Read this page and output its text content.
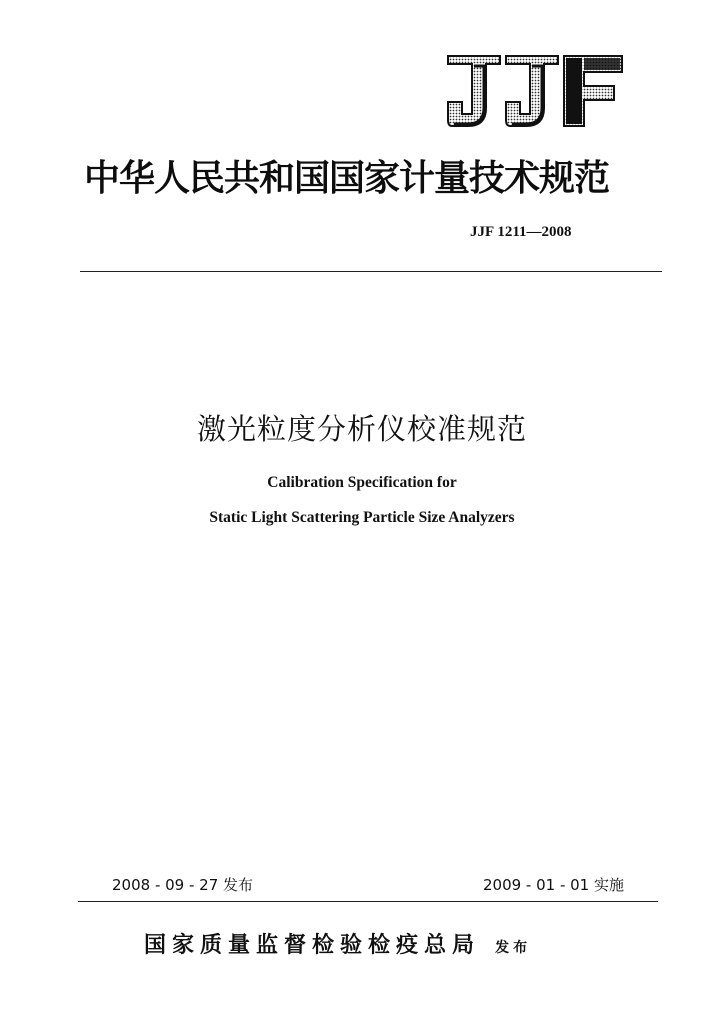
中华人民共和国国家计量技术规范
JJF 1211—2008
激光粒度分析仪校准规范
Calibration Specification for
Static Light Scattering Particle Size Analyzers
2008 - 09 - 27 发布	2009 - 01 - 01 实施
国家质量监督检验检疫总局 发布
